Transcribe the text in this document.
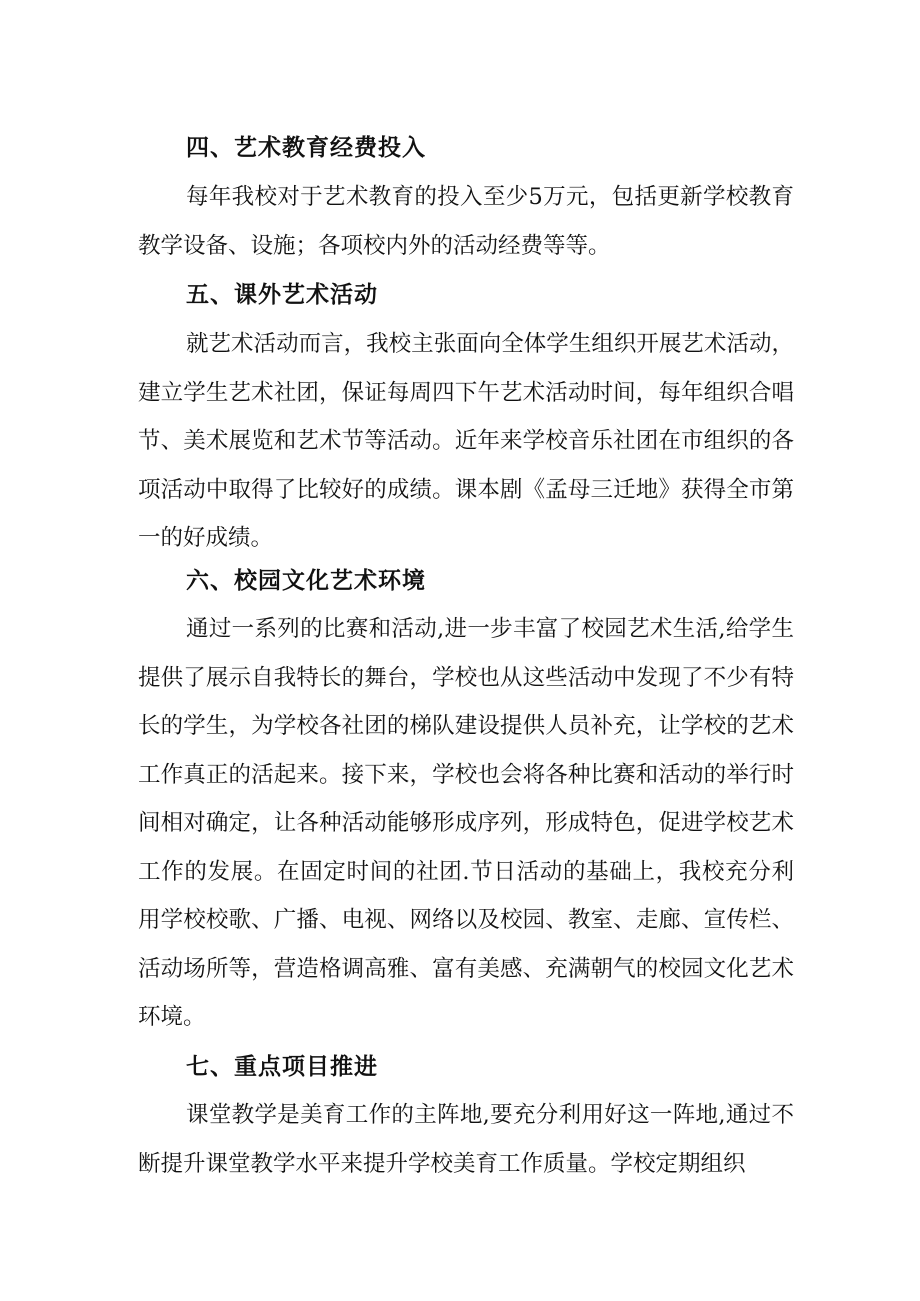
四、艺术教育经费投入

每年我校对于艺术教育的投入至少5万元，包括更新学校教育教学设备、设施；各项校内外的活动经费等等。

五、课外艺术活动

就艺术活动而言，我校主张面向全体学生组织开展艺术活动，建立学生艺术社团，保证每周四下午艺术活动时间，每年组织合唱节、美术展览和艺术节等活动。近年来学校音乐社团在市组织的各项活动中取得了比较好的成绩。课本剧《孟母三迁地》获得全市第一的好成绩。

六、校园文化艺术环境

通过一系列的比赛和活动,进一步丰富了校园艺术生活,给学生提供了展示自我特长的舞台，学校也从这些活动中发现了不少有特长的学生，为学校各社团的梯队建设提供人员补充，让学校的艺术工作真正的活起来。接下来，学校也会将各种比赛和活动的举行时间相对确定，让各种活动能够形成序列，形成特色，促进学校艺术工作的发展。在固定时间的社团.节日活动的基础上，我校充分利用学校校歌、广播、电视、网络以及校园、教室、走廊、宣传栏、活动场所等，营造格调高雅、富有美感、充满朝气的校园文化艺术环境。

七、重点项目推进

课堂教学是美育工作的主阵地,要充分利用好这一阵地,通过不断提升课堂教学水平来提升学校美育工作质量。学校定期组织
